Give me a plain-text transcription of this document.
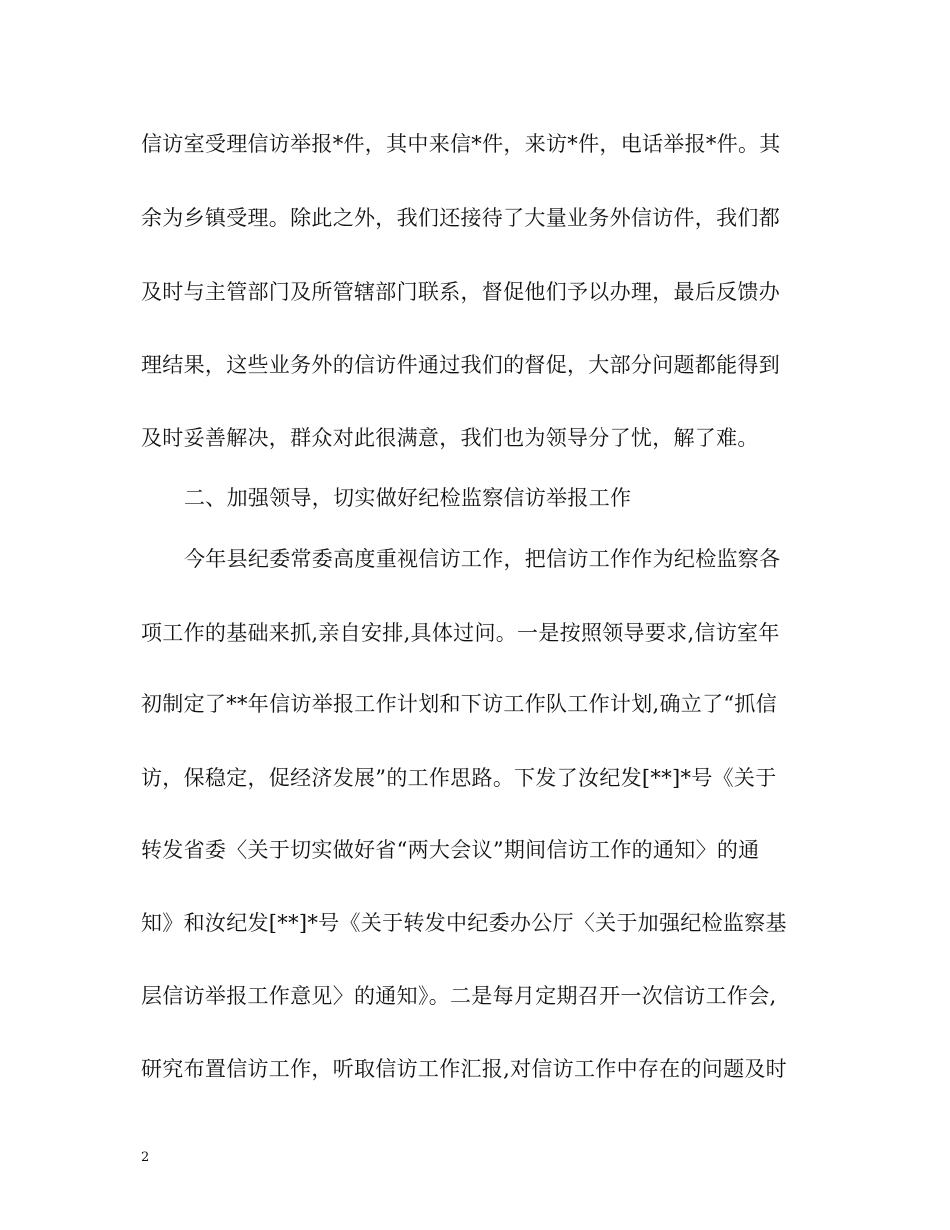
信访室受理信访举报*件，其中来信*件，来访*件，电话举报*件。其
余为乡镇受理。除此之外，我们还接待了大量业务外信访件，我们都
及时与主管部门及所管辖部门联系，督促他们予以办理，最后反馈办
理结果，这些业务外的信访件通过我们的督促，大部分问题都能得到
及时妥善解决，群众对此很满意，我们也为领导分了忧，解了难。
二、加强领导，切实做好纪检监察信访举报工作
今年县纪委常委高度重视信访工作，把信访工作作为纪检监察各
项工作的基础来抓,亲自安排,具体过问。一是按照领导要求,信访室年
初制定了**年信访举报工作计划和下访工作队工作计划,确立了“抓信
访，保稳定，促经济发展”的工作思路。下发了汝纪发[**]*号《关于
转发省委〈关于切实做好省“两大会议”期间信访工作的通知〉的通
知》和汝纪发[**]*号《关于转发中纪委办公厅〈关于加强纪检监察基
层信访举报工作意见〉的通知》。二是每月定期召开一次信访工作会,
研究布置信访工作，听取信访工作汇报,对信访工作中存在的问题及时
2
